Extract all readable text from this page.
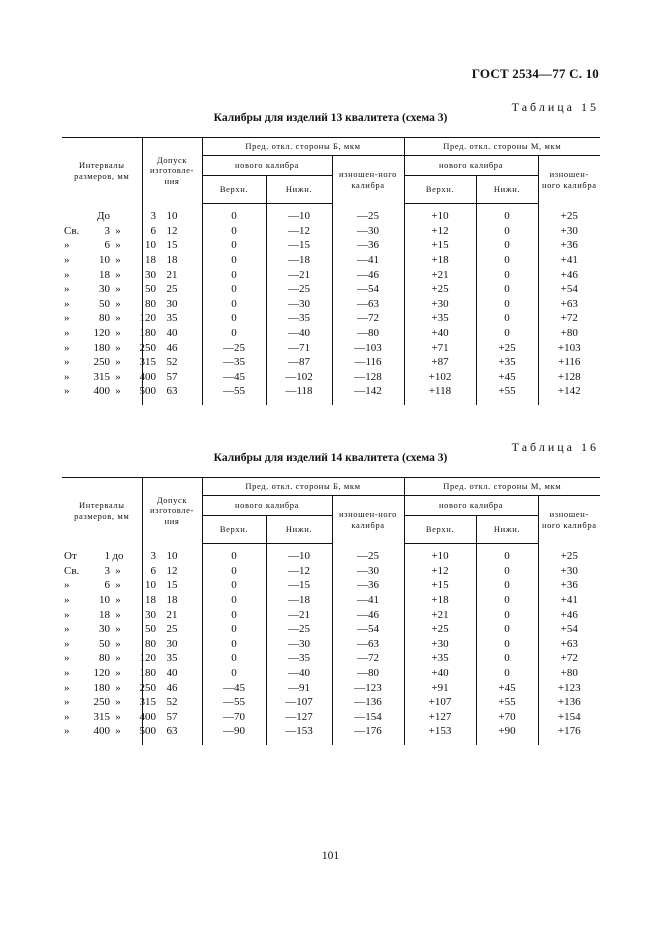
ГОСТ 2534—77 С. 10
Таблица 15
Калибры для изделий 13 квалитета (схема 3)
Интервалы размеров, мм	Допуск изготовле-ния	Пред. откл. стороны Б, мкм			Пред. откл. стороны М, мкм		
		нового калибра		изношен-ного калибра	нового калибра		изношен-ного калибра
		Верхн.	Нижн.		Верхн.	Нижн.	
До 3	10	0	—10	—25	+10	0	+25
Св. 3 » 6	12	0	—12	—30	+12	0	+30
» 6 » 10	15	0	—15	—36	+15	0	+36
» 10 » 18	18	0	—18	—41	+18	0	+41
» 18 » 30	21	0	—21	—46	+21	0	+46
» 30 » 50	25	0	—25	—54	+25	0	+54
» 50 » 80	30	0	—30	—63	+30	0	+63
» 80 » 120	35	0	—35	—72	+35	0	+72
» 120 » 180	40	0	—40	—80	+40	0	+80
» 180 » 250	46	—25	—71	—103	+71	+25	+103
» 250 » 315	52	—35	—87	—116	+87	+35	+116
» 315 » 400	57	—45	—102	—128	+102	+45	+128
» 400 » 500	63	—55	—118	—142	+118	+55	+142
Таблица 16
Калибры для изделий 14 квалитета (схема 3)
Интервалы размеров, мм	Допуск изготовле-ния	Пред. откл. стороны Б, мкм			Пред. откл. стороны М, мкм		
		нового калибра		изношен-ного калибра	нового калибра		изношен-ного калибра
		Верхн.	Нижн.		Верхн.	Нижн.	
От 1 до 3	10	0	—10	—25	+10	0	+25
Св. 3 » 6	12	0	—12	—30	+12	0	+30
» 6 » 10	15	0	—15	—36	+15	0	+36
» 10 » 18	18	0	—18	—41	+18	0	+41
» 18 » 30	21	0	—21	—46	+21	0	+46
» 30 » 50	25	0	—25	—54	+25	0	+54
» 50 » 80	30	0	—30	—63	+30	0	+63
» 80 » 120	35	0	—35	—72	+35	0	+72
» 120 » 180	40	0	—40	—80	+40	0	+80
» 180 » 250	46	—45	—91	—123	+91	+45	+123
» 250 » 315	52	—55	—107	—136	+107	+55	+136
» 315 » 400	57	—70	—127	—154	+127	+70	+154
» 400 » 500	63	—90	—153	—176	+153	+90	+176
101
